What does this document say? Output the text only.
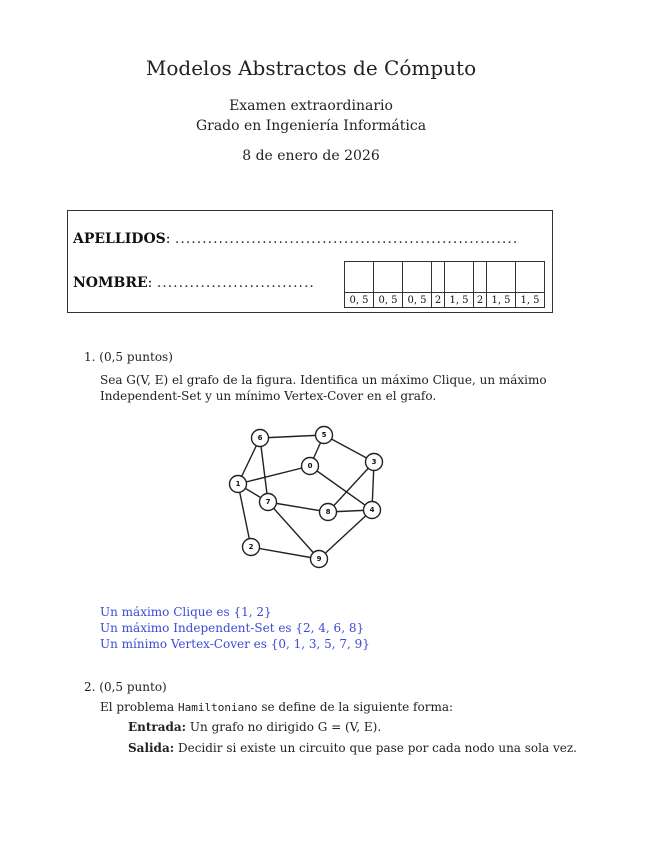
Modelos Abstractos de Cómputo
Examen extraordinario
Grado en Ingeniería Informática
8 de enero de 2026
APELLIDOS: ...............................................................
NOMBRE: .............................

0, 5	0, 5	0, 5	2	1, 5	2	1, 5	1, 5
1. (0,5 puntos)
Sea G(V, E) el grafo de la figura. Identifica un máximo Clique, un máximo Independent-Set y un mínimo Vertex-Cover en el grafo.
6	5
0	3
1
7
8	4
2
9
Un máximo Clique es {1, 2}
Un máximo Independent-Set es {2, 4, 6, 8}
Un mínimo Vertex-Cover es {0, 1, 3, 5, 7, 9}
2. (0,5 punto)
El problema Hamiltoniano se define de la siguiente forma:
Entrada: Un grafo no dirigido G = (V, E).
Salida: Decidir si existe un circuito que pase por cada nodo una sola vez.
